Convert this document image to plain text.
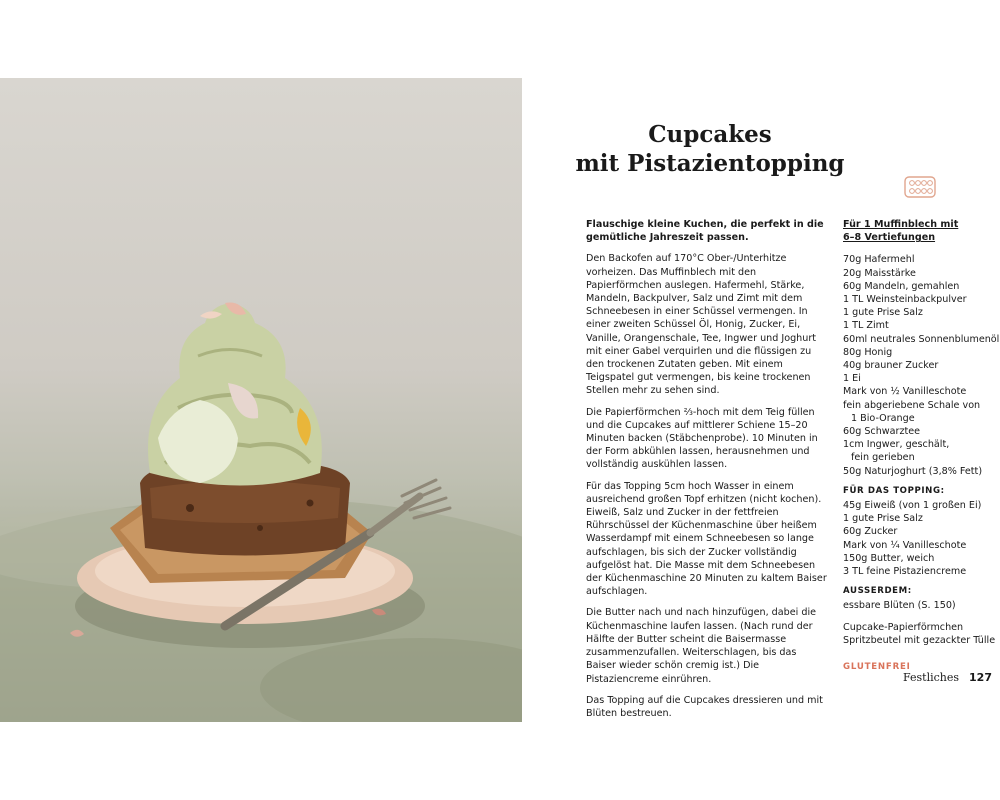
Cupcakes
mit Pistazientopping

Flauschige kleine Kuchen, die perfekt in die gemütliche Jahreszeit passen.

Den Backofen auf 170°C Ober-/Unterhitze vorheizen. Das Muffinblech mit den Papierförmchen auslegen. Hafermehl, Stärke, Mandeln, Backpulver, Salz und Zimt mit dem Schneebesen in einer Schüssel vermengen. In einer zweiten Schüssel Öl, Honig, Zucker, Ei, Vanille, Orangenschale, Tee, Ingwer und Joghurt mit einer Gabel verquirlen und die flüssigen zu den trockenen Zutaten geben. Mit einem Teigspatel gut vermengen, bis keine trockenen Stellen mehr zu sehen sind.

Die Papierförmchen ⅔-hoch mit dem Teig füllen und die Cupcakes auf mittlerer Schiene 15–20 Minuten backen (Stäbchenprobe). 10 Minuten in der Form abkühlen lassen, herausnehmen und vollständig auskühlen lassen.

Für das Topping 5cm hoch Wasser in einem ausreichend großen Topf erhitzen (nicht kochen). Eiweiß, Salz und Zucker in der fettfreien Rührschüssel der Küchenmaschine über heißem Wasserdampf mit einem Schneebesen so lange aufschlagen, bis sich der Zucker vollständig aufgelöst hat. Die Masse mit dem Schneebesen der Küchenmaschine 20 Minuten zu kaltem Baiser aufschlagen.

Die Butter nach und nach hinzufügen, dabei die Küchenmaschine laufen lassen. (Nach rund der Hälfte der Butter scheint die Baisermasse zusammenzufallen. Weiterschlagen, bis das Baiser wieder schön cremig ist.) Die Pistaziencreme einrühren.

Das Topping auf die Cupcakes dressieren und mit Blüten bestreuen.

Für 1 Muffinblech mit
6–8 Vertiefungen
70g Hafermehl
20g Maisstärke
60g Mandeln, gemahlen
1 TL Weinsteinbackpulver
1 gute Prise Salz
1 TL Zimt
60ml neutrales Sonnenblumenöl
80g Honig
40g brauner Zucker
1 Ei
Mark von ½ Vanilleschote
fein abgeriebene Schale von
1 Bio-Orange
60g Schwarztee
1cm Ingwer, geschält,
fein gerieben
50g Naturjoghurt (3,8% Fett)
FÜR DAS TOPPING:
45g Eiweiß (von 1 großen Ei)
1 gute Prise Salz
60g Zucker
Mark von ¼ Vanilleschote
150g Butter, weich
3 TL feine Pistaziencreme
AUSSERDEM:
essbare Blüten (S. 150)
Cupcake-Papierförmchen
Spritzbeutel mit gezackter Tülle
GLUTENFREI
Festliches 127
